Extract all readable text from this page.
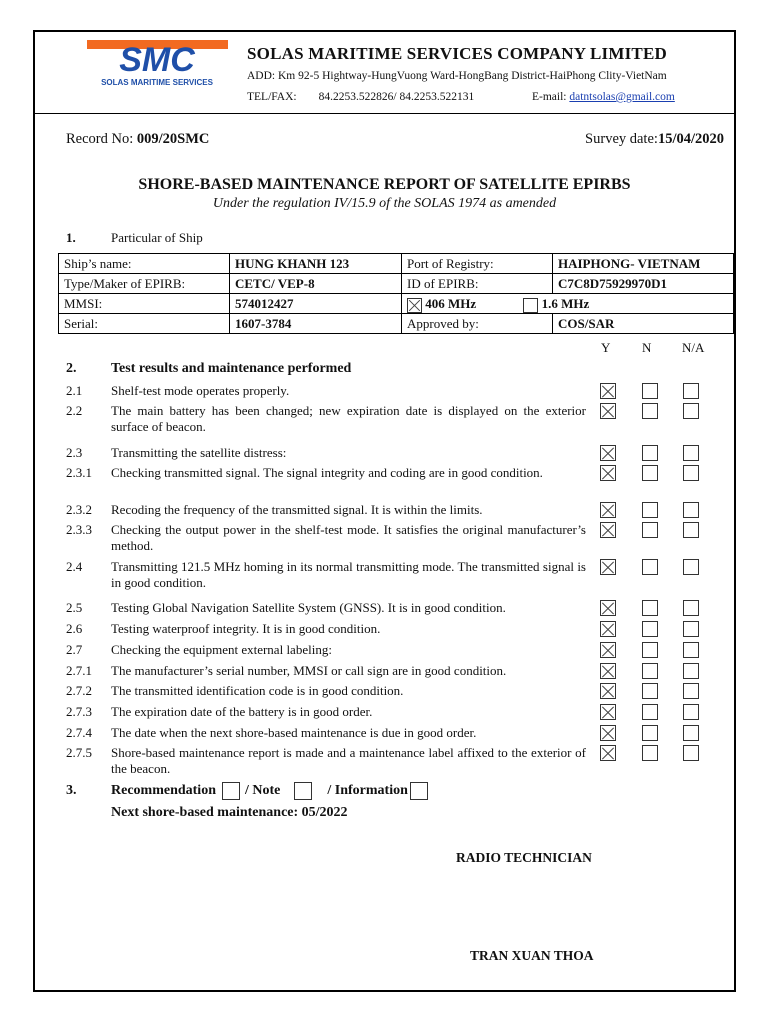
SMC
SOLAS MARITIME SERVICES
SOLAS MARITIME SERVICES COMPANY LIMITED
ADD: Km 92-5 Hightway-HungVuong Ward-HongBang District-HaiPhong Clity-VietNam
TEL/FAX: 84.2253.522826/ 84.2253.522131	E-mail: datntsolas@gmail.com
Record No: 009/20SMC	Survey date:15/04/2020
SHORE-BASED MAINTENANCE REPORT OF SATELLITE EPIRBS
Under the regulation IV/15.9 of the SOLAS 1974 as amended
1.	Particular of Ship
Ship’s name:	HUNG KHANH 123	Port of Registry:	HAIPHONG- VIETNAM
Type/Maker of EPIRB:	CETC/ VEP-8	ID of EPIRB:	C7C8D75929970D1
MMSI:	574012427	406 MHz 1.6 MHz	
Serial:	1607-3784	Approved by:	COS/SAR
Y N N/A
2. Test results and maintenance performed
2.1	Shelf-test mode operates properly.
2.2	The main battery has been changed; new expiration date is displayed on the exterior surface of beacon.
2.3	Transmitting the satellite distress:
2.3.1	Checking transmitted signal. The signal integrity and coding are in good condition.
2.3.2	Recoding the frequency of the transmitted signal. It is within the limits.
2.3.3	Checking the output power in the shelf-test mode. It satisfies the original manufacturer’s method.
2.4	Transmitting 121.5 MHz homing in its normal transmitting mode. The transmitted signal is in good condition.
2.5	Testing Global Navigation Satellite System (GNSS). It is in good condition.
2.6	Testing waterproof integrity. It is in good condition.
2.7	Checking the equipment external labeling:
2.7.1	The manufacturer’s serial number, MMSI or call sign are in good condition.
2.7.2	The transmitted identification code is in good condition.
2.7.3	The expiration date of the battery is in good order.
2.7.4	The date when the next shore-based maintenance is due in good order.
2.7.5	Shore-based maintenance report is made and a maintenance label affixed to the exterior of the beacon.
3. Recommendation / Note	/ Information
Next shore-based maintenance: 05/2022
RADIO TECHNICIAN
TRAN XUAN THOA
